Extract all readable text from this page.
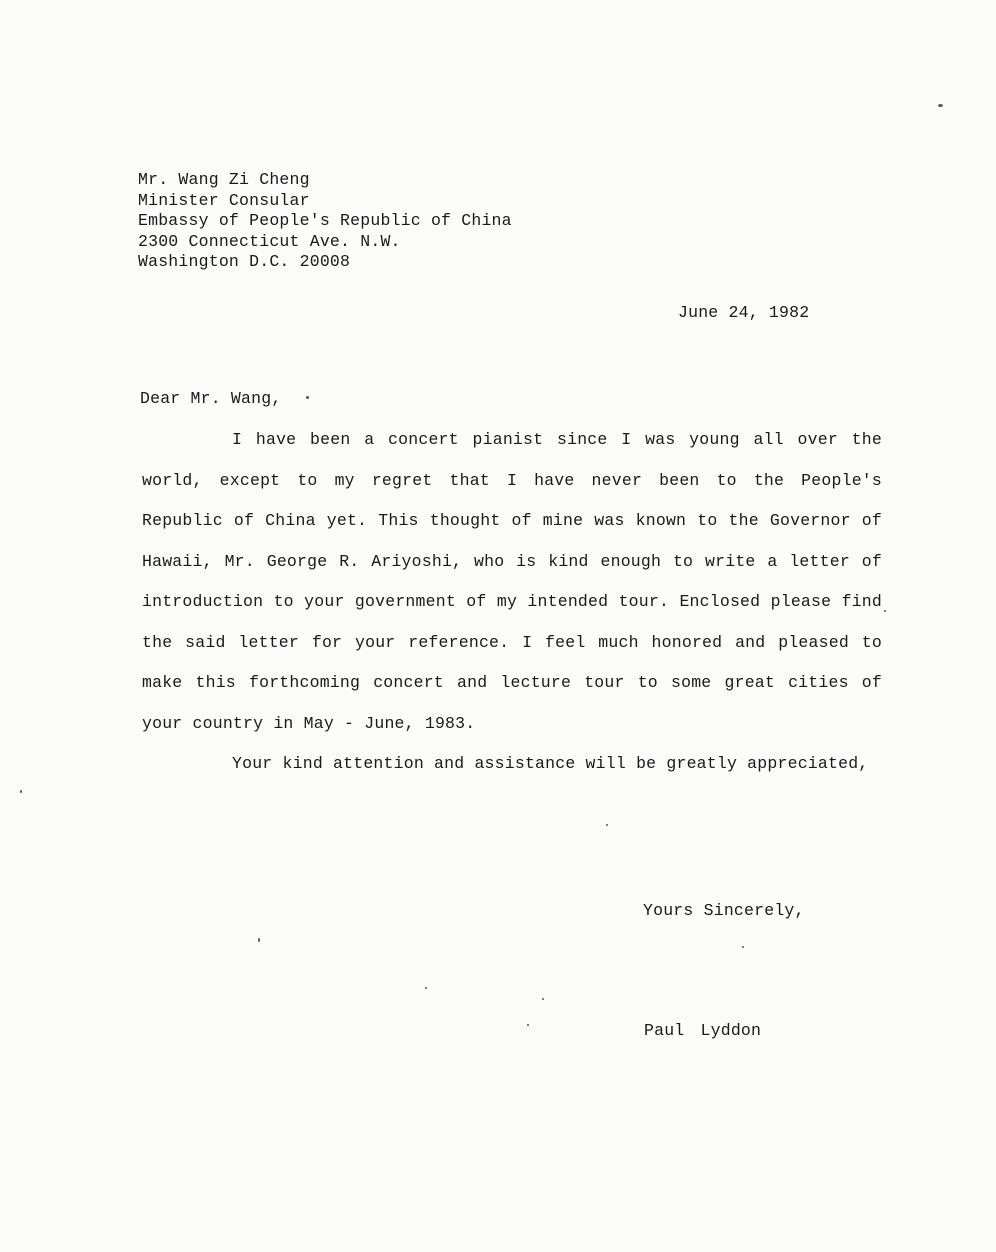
Mr. Wang Zi Cheng
Minister Consular
Embassy of People's Republic of China
2300 Connecticut Ave. N.W.
Washington D.C. 20008
June 24, 1982
Dear Mr. Wang,

I have been a concert pianist since I was young all over the world, except to my regret that I have never been to the People's Republic of China yet. This thought of mine was known to the Governor of Hawaii, Mr. George R. Ariyoshi, who is kind enough to write a letter of introduction to your government of my intended tour. Enclosed please find the said letter for your reference. I feel much honored and pleased to make this forthcoming concert and lecture tour to some great cities of your country in May - June, 1983.

Your kind attention and assistance will be greatly appreciated,

Yours Sincerely,
Paul Lyddon
